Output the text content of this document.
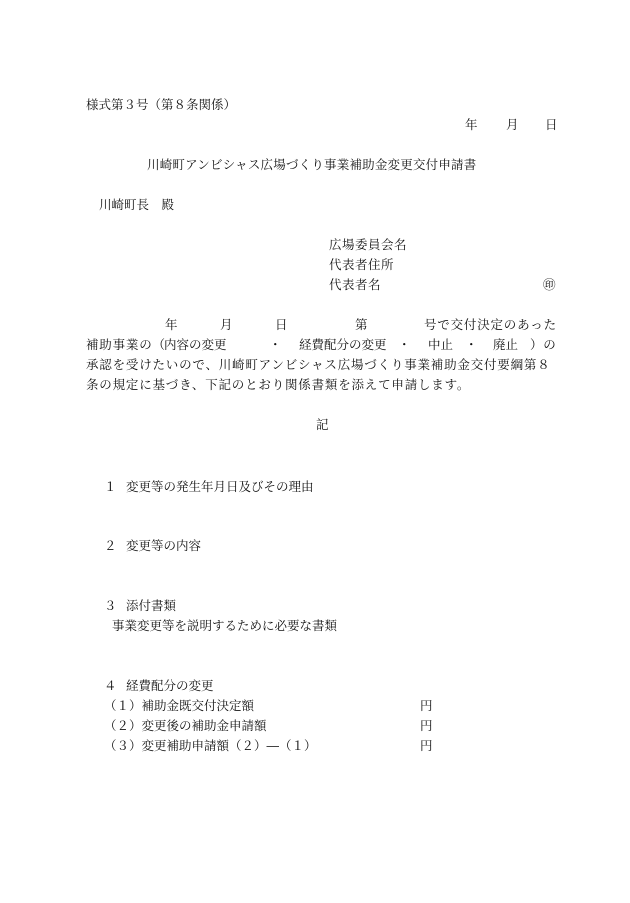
様式第３号（第８条関係）
年 月 日
川崎町アンビシャス広場づくり事業補助金変更交付申請書
川崎町長　殿
広場委員会名
代表者住所
代表者名	㊞
年	月	日	第	号で交付決定のあった
補助事業の（
内容の変更	・ 経費配分の変更 ・ 中止 ・ 廃止 ）の
承認を受けたいので、川崎町アンビシャス広場づくり事業補助金交付要綱第８
条の規定に基づき、下記のとおり関係書類を添えて申請します。
記
１ 変更等の発生年月日及びその理由
２ 変更等の内容
３ 添付書類
事業変更等を説明するために必要な書類
４ 経費配分の変更
（１）補助金既交付決定額	円
（２）変更後の補助金申請額	円
（３）変更補助申請額（２）―（１）	円
